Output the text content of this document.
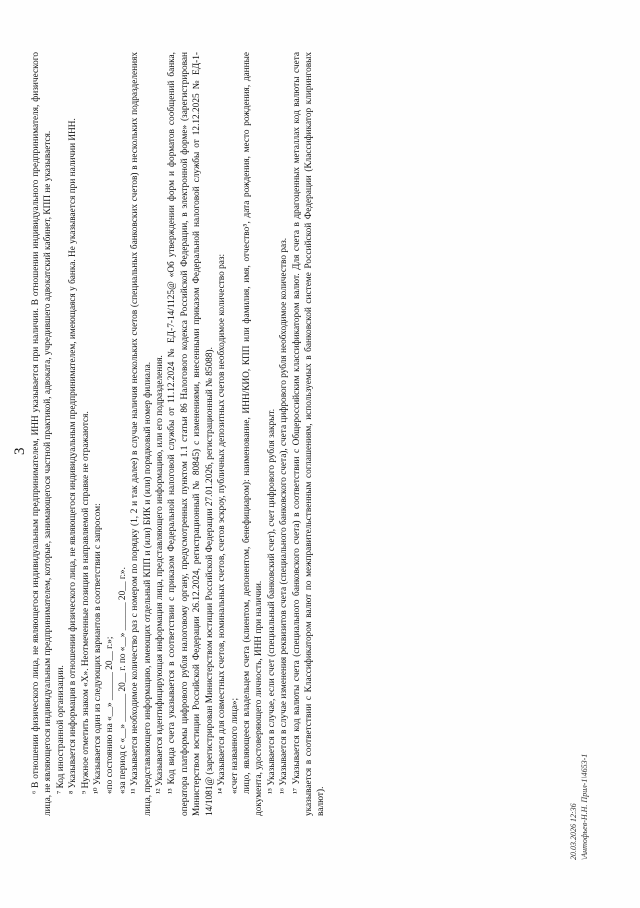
3 ⁶ В отношении физического лица, не являющегося индивидуальным предпринимателем, ИНН указывается при наличии. В отношении индивидуального предпринимателя, физического лица, не являющегося индивидуальным предпринимателем, которые, занимающегося частной практикой, адвоката, учредившего адвокатский кабинет, КПП не указывается. ⁷ Код иностранной организации. ⁸ Указывается информация в отношении физического лица, не являющегося индивидуальным предпринимателем, имеющаяся у банка. Не указывается при наличии ИНН. ⁹ Нужное отметить знаком «X». Неотмеченные позиции в направляемой справке не отражаются. ¹⁰ Указывается один из следующих вариантов в соответствии с запросом: «по состоянию на «__» ______ 20__ г.»; «за период с «__» ______ 20__ г. по «__» ______ 20__ г.». ¹¹ Указывается необходимое количество раз с номером по порядку (1, 2 и так далее) в случае наличия нескольких счетов (специальных банковских счетов) в нескольких подразделениях лица, представляющего информацию, имеющих отдельный КПП и (или) БИК и (или) порядковый номер филиала. ¹² Указывается идентифицирующая информация лица, представляющего информацию, или его подразделения. ¹³ Код вида счета указывается в соответствии с приказом Федеральной налоговой службы от 11.12.2024 № ЕД-7-14/1125@ «Об утверждении форм и форматов сообщений банка, оператора платформы цифрового рубля налоговому органу, предусмотренных пунктом 1.1 статьи 86 Налогового кодекса Российской Федерации, в электронной форме» (зарегистрирован Министерством юстиции Российской Федерации 26.12.2024, регистрационный № 80845) с изменениями, внесенными приказом Федеральной налоговой службы от 12.12.2025 № ЕД-1-14/1081@ (зарегистрирован Министерством юстиции Российской Федерации 27.01.2026, регистрационный № 85088). ¹⁴ Указывается для совместных счетов, номинальных счетов, счетов эскроу, публичных депозитных счетов необходимое количество раз: «счет названного лица»; лицо, являющееся владельцем счета (клиентом, депонентом, бенефициаром): наименование, ИНН/КИО, КПП или фамилия, имя, отчество⁵, дата рождения, место рождения, данные документа, удостоверяющего личность, ИНН при наличии. ¹⁵ Указывается в случае, если счет (специальный банковский счет), счет цифрового рубля закрыт. ¹⁶ Указывается в случае изменения реквизитов счета (специального банковского счета), счета цифрового рубля необходимое количество раз. ¹⁷ Указывается код валюты счета (специального банковского счета) в соответствии с Общероссийским классификатором валют. Для счета в драгоценных металлах код валюты счета указывается в соответствии с Классификатором валют по межправительственным соглашениям, используемых в банковской системе Российской Федерации (Классификатор клиринговых валют).

20.03.2026 12:36 \Антофьев-Н.Н. Прил-1\4653-1
